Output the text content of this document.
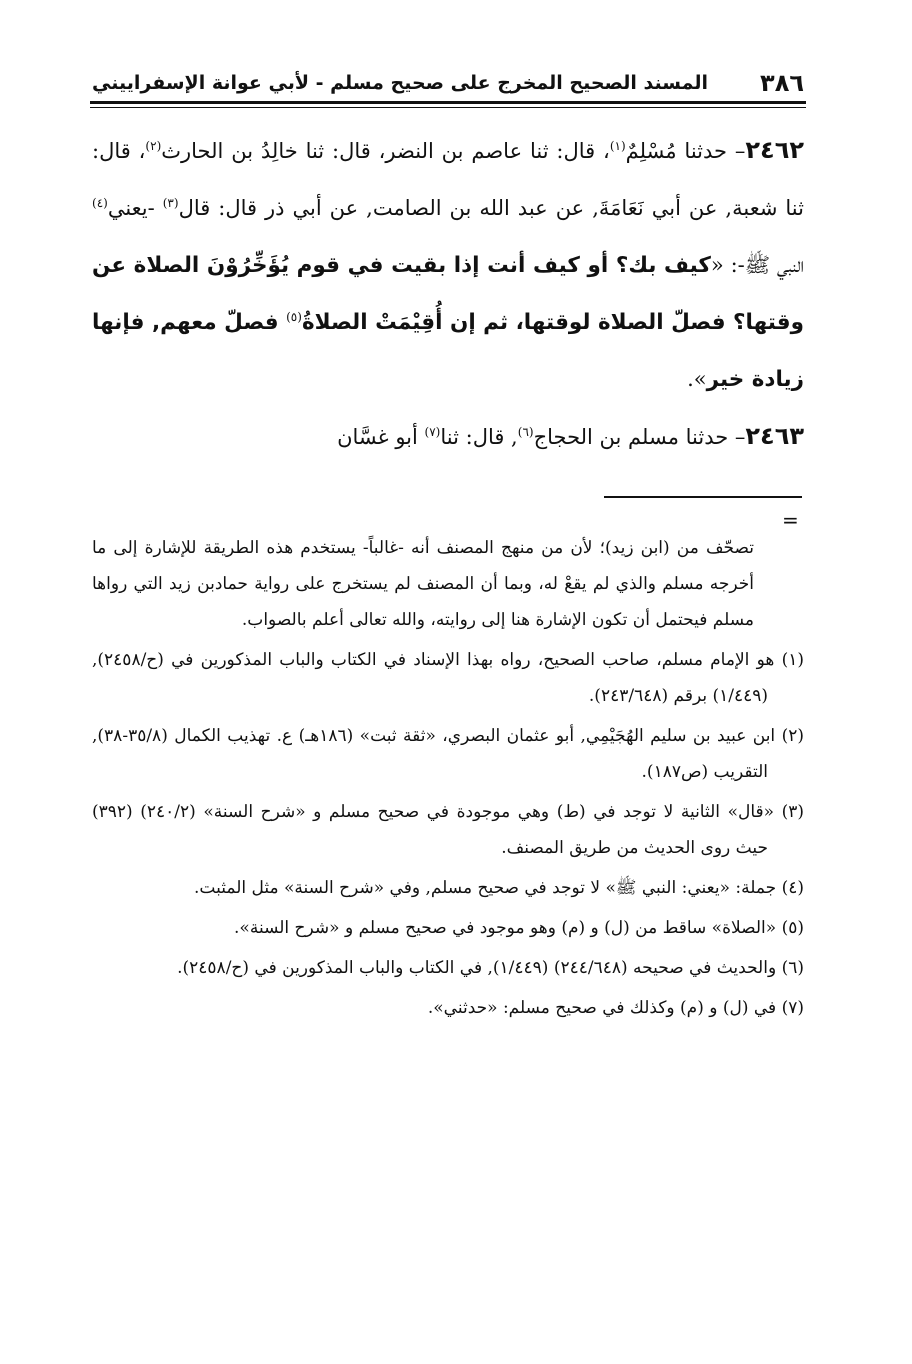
٣٨٦
المسند الصحيح المخرج على صحيح مسلم - لأبي عوانة الإسفراييني

٢٤٦٢– حدثنا مُسْلِمٌ$^{(١)}$، قال: ثنا عاصم بن النضر، قال: ثنا خالِدُ بن الحارث$^{(٢)}$، قال: ثنا شعبة, عن أبي نَعَامَةَ, عن عبد الله بن الصامت, عن أبي ذر قال: قال$^{(٣)}$ -يعني$^{(٤)}$ النبي ﷺ-: «كيف بك؟ أو كيف أنت إذا بقيت في قوم يُؤَخِّرُوْنَ الصلاة عن وقتها؟ فصلّ الصلاة لوقتها، ثم إن أُقِيْمَتْ الصلاةُ$^{(٥)}$ فصلّ معهم, فإنها زيادة خير».

٢٤٦٣– حدثنا مسلم بن الحجاج$^{(٦)}$, قال: ثنا$^{(٧)}$ أبو غسَّان

=

تصحّف من (ابن زيد)؛ لأن من منهج المصنف أنه -غالباً- يستخدم هذه الطريقة للإشارة إلى ما أخرجه مسلم والذي لم يقعْ له، وبما أن المصنف لم يستخرج على رواية حمادبن زيد التي رواها مسلم فيحتمل أن تكون الإشارة هنا إلى روايته، والله تعالى أعلم بالصواب.

(١) هو الإمام مسلم، صاحب الصحيح، رواه بهذا الإسناد في الكتاب والباب المذكورين في (ح/٢٤٥٨), (١/٤٤٩) برقم (٢٤٣/٦٤٨).

(٢) ابن عبيد بن سليم الهُجَيْمِي, أبو عثمان البصري، «ثقة ثبت» (١٨٦هـ) ع. تهذيب الكمال (٣٥/٨-٣٨), التقريب (ص١٨٧).

(٣) «قال» الثانية لا توجد في (ط) وهي موجودة في صحيح مسلم و «شرح السنة» (٢٤٠/٢) (٣٩٢) حيث روى الحديث من طريق المصنف.

(٤) جملة: «يعني: النبي ﷺ» لا توجد في صحيح مسلم, وفي «شرح السنة» مثل المثبت.

(٥) «الصلاة» ساقط من (ل) و (م) وهو موجود في صحيح مسلم و «شرح السنة».

(٦) والحديث في صحيحه (٢٤٤/٦٤٨) (١/٤٤٩), في الكتاب والباب المذكورين في (ح/٢٤٥٨).

(٧) في (ل) و (م) وكذلك في صحيح مسلم: «حدثني».
